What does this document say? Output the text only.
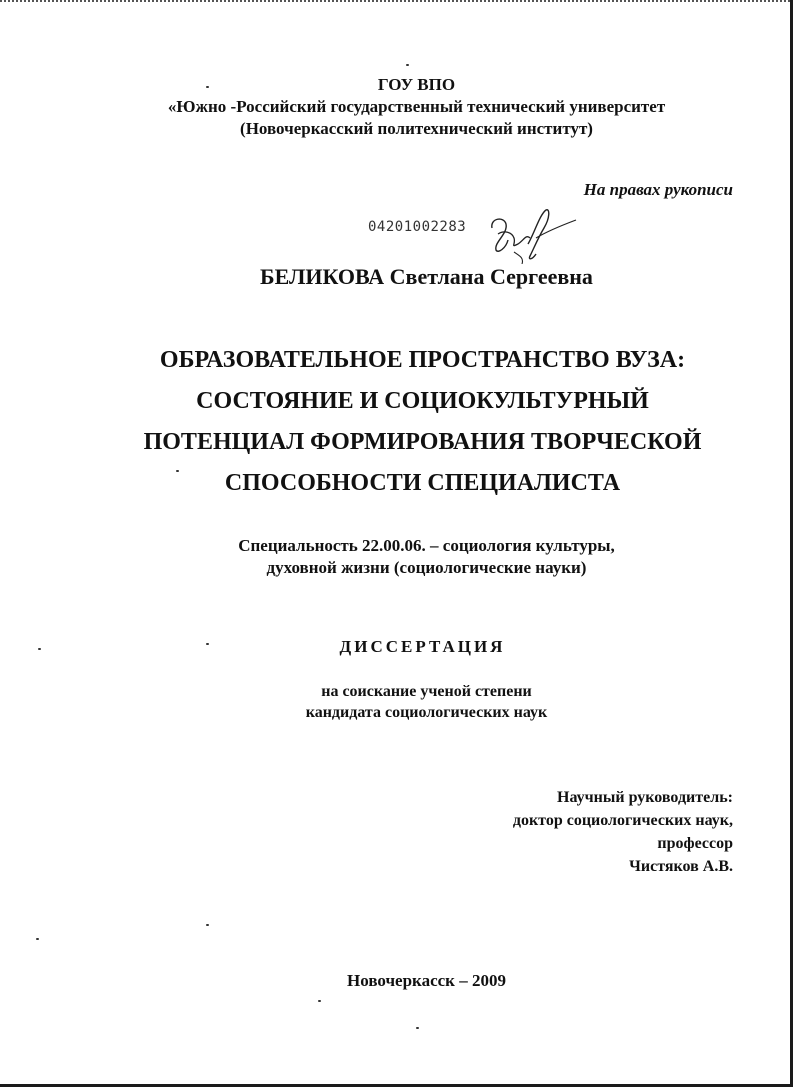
ГОУ ВПО
«Южно -Российский государственный технический университет
(Новочеркасский политехнический институт)
На правах рукописи
04201002283
БЕЛИКОВА Светлана Сергеевна
ОБРАЗОВАТЕЛЬНОЕ ПРОСТРАНСТВО ВУЗА:
СОСТОЯНИЕ И СОЦИОКУЛЬТУРНЫЙ
ПОТЕНЦИАЛ ФОРМИРОВАНИЯ ТВОРЧЕСКОЙ
СПОСОБНОСТИ СПЕЦИАЛИСТА
Специальность 22.00.06. – социология культуры,
духовной жизни (социологические науки)
ДИССЕРТАЦИЯ
на соискание ученой степени
кандидата социологических наук
Научный руководитель:
доктор социологических наук,
профессор
Чистяков А.В.
Новочеркасск – 2009
